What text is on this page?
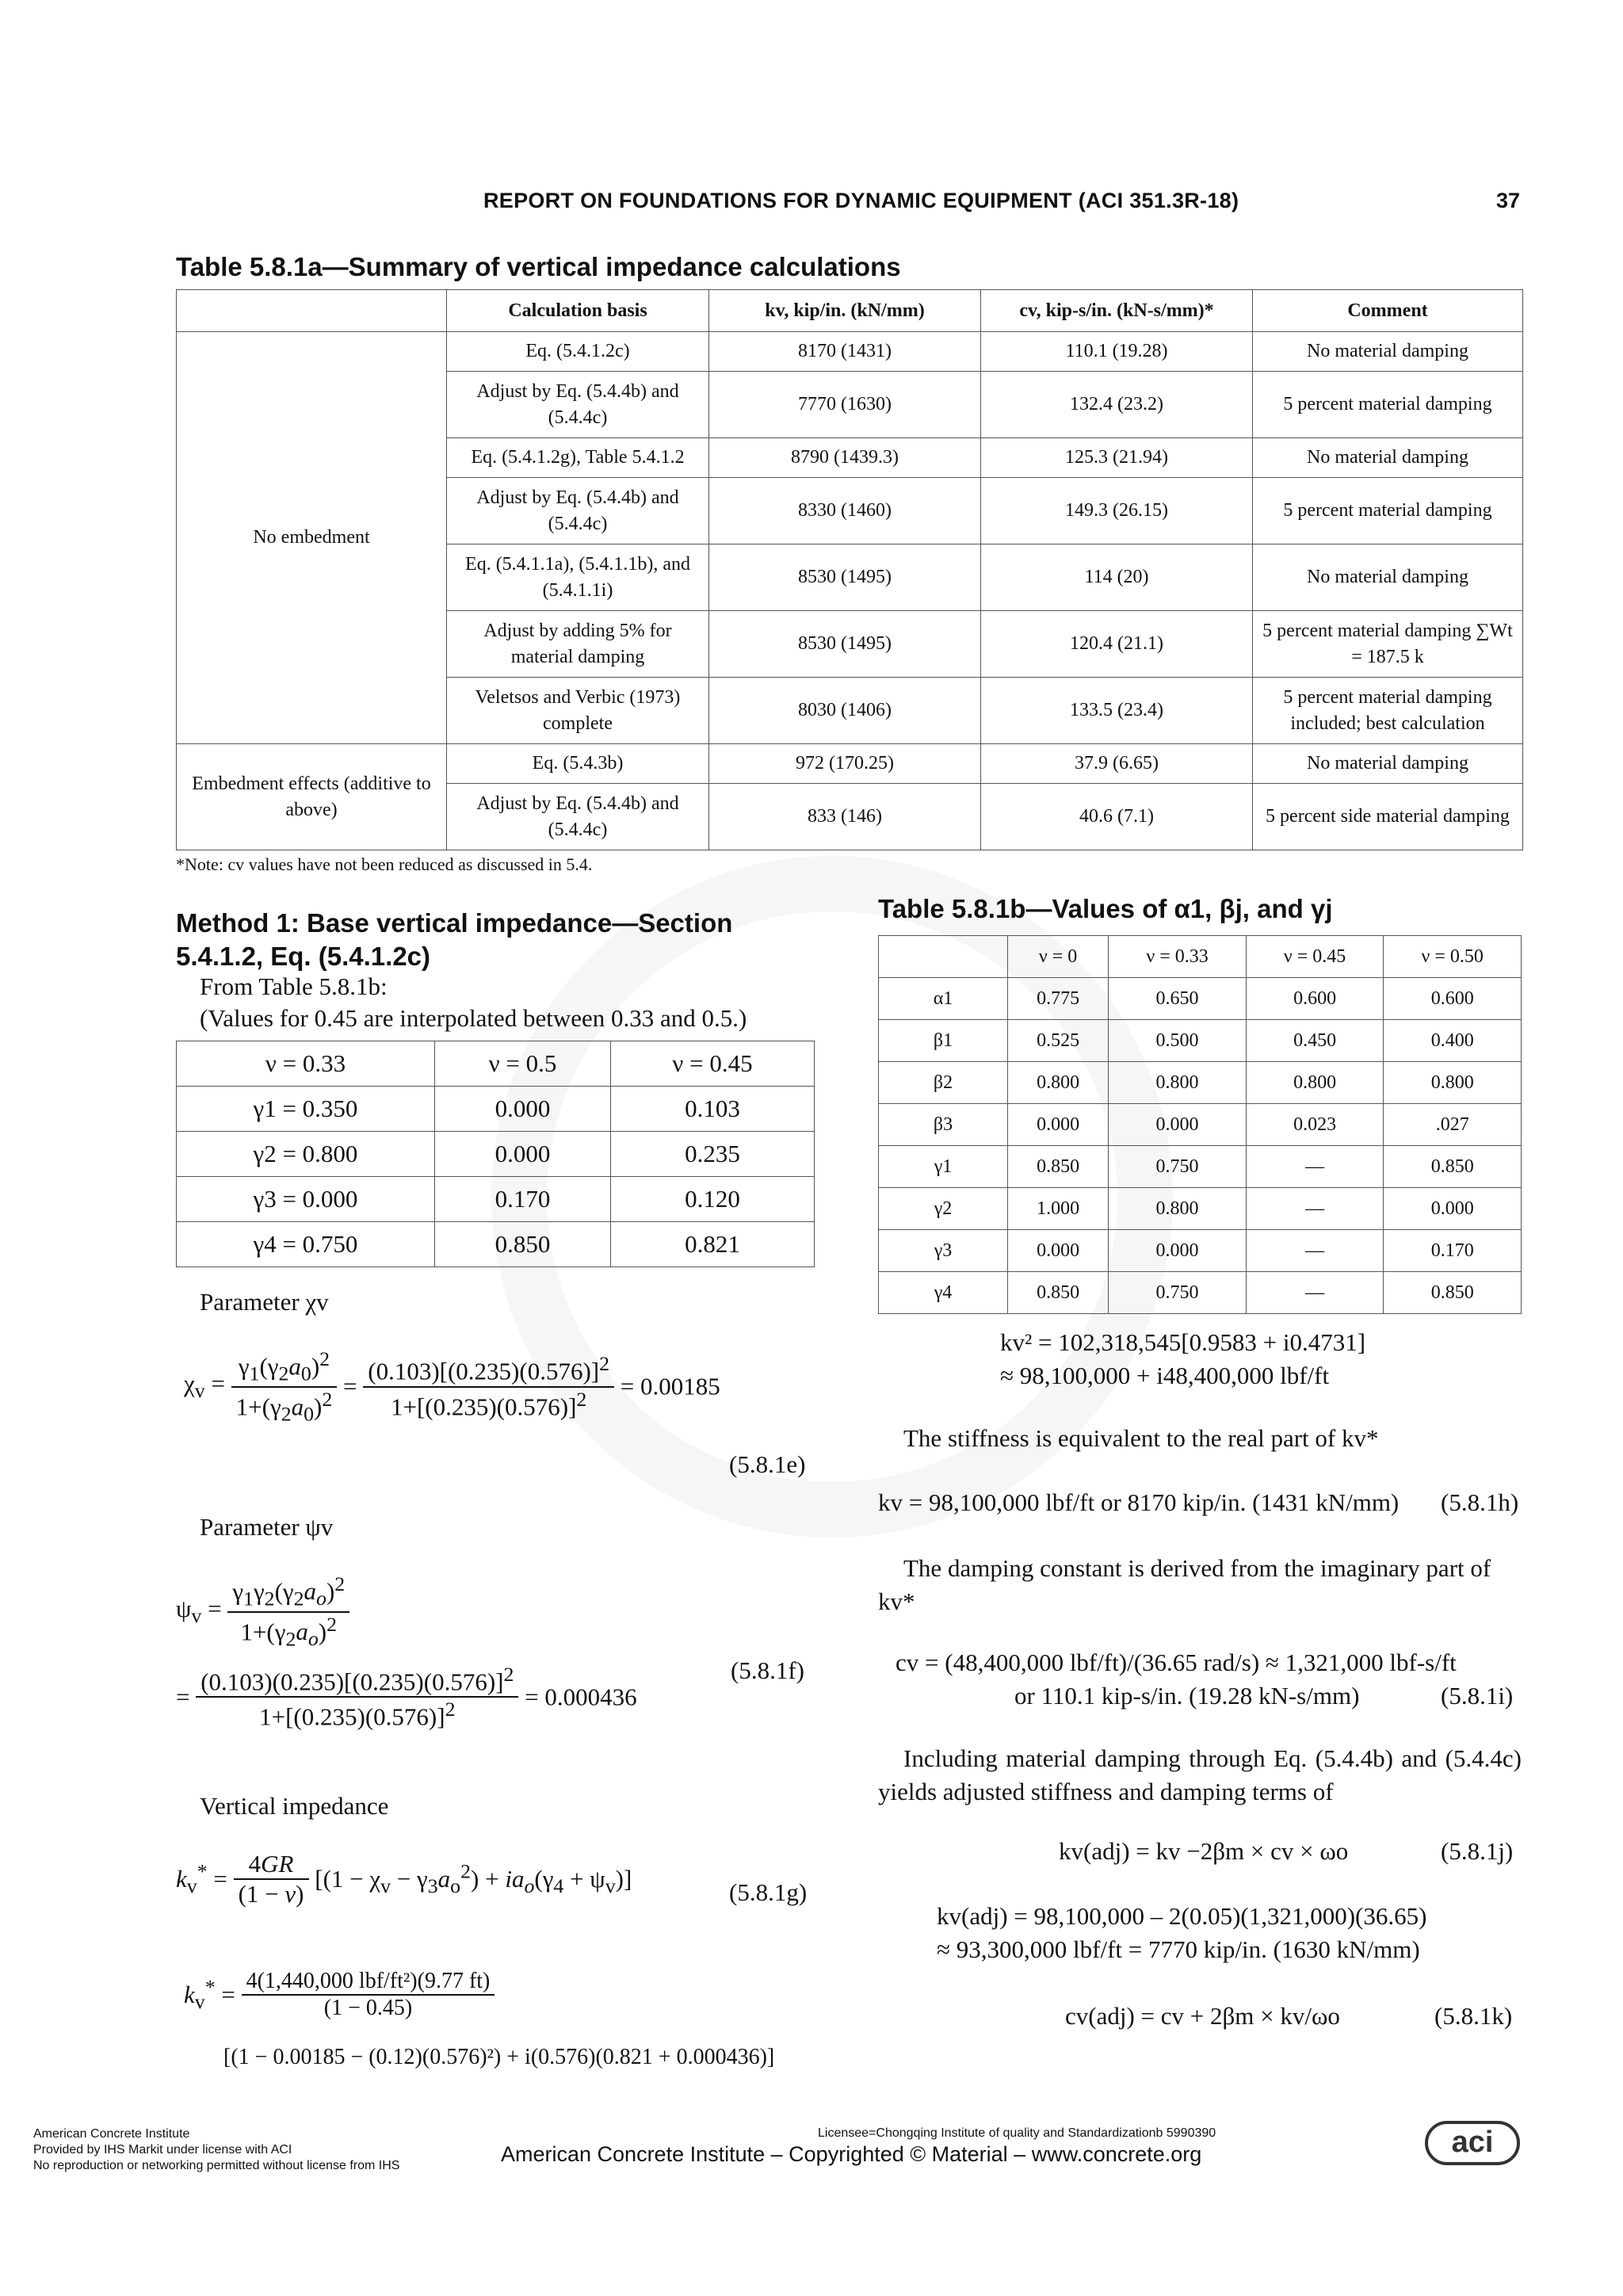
REPORT ON FOUNDATIONS FOR DYNAMIC EQUIPMENT (ACI 351.3R-18)	37
Table 5.8.1a—Summary of vertical impedance calculations
	Calculation basis	kv, kip/in. (kN/mm)	cv, kip-s/in. (kN-s/mm)*	Comment
No embedment	Eq. (5.4.1.2c)	8170 (1431)	110.1 (19.28)	No material damping
	Adjust by Eq. (5.4.4b) and (5.4.4c)	7770 (1630)	132.4 (23.2)	5 percent material damping
	Eq. (5.4.1.2g), Table 5.4.1.2	8790 (1439.3)	125.3 (21.94)	No material damping
	Adjust by Eq. (5.4.4b) and (5.4.4c)	8330 (1460)	149.3 (26.15)	5 percent material damping
	Eq. (5.4.1.1a), (5.4.1.1b), and (5.4.1.1i)	8530 (1495)	114 (20)	No material damping
	Adjust by adding 5% for material damping	8530 (1495)	120.4 (21.1)	5 percent material damping ∑Wt = 187.5 k
	Veletsos and Verbic (1973) complete	8030 (1406)	133.5 (23.4)	5 percent material damping included; best calculation
Embedment effects (additive to above)	Eq. (5.4.3b)	972 (170.25)	37.9 (6.65)	No material damping
	Adjust by Eq. (5.4.4b) and (5.4.4c)	833 (146)	40.6 (7.1)	5 percent side material damping
*Note: cv values have not been reduced as discussed in 5.4.
Method 1: Base vertical impedance—Section 5.4.1.2, Eq. (5.4.1.2c)
From Table 5.8.1b:
(Values for 0.45 are interpolated between 0.33 and 0.5.)
ν = 0.33	ν = 0.5	ν = 0.45
γ1 = 0.350	0.000	0.103
γ2 = 0.800	0.000	0.235
γ3 = 0.000	0.170	0.120
γ4 = 0.750	0.850	0.821
Parameter χv
$\chi_v = \frac{\gamma_1(\gamma_2a_0)^2}{1+(\gamma_2a_0)^2} = \frac{(0.103)[(0.235)(0.576)]^2}{1+[(0.235)(0.576)]^2} = 0.00185$
(5.8.1e)
Parameter ψv
$\psi_v = \frac{\gamma_1\gamma_2(\gamma_2a_o)^2}{1+(\gamma_2a_o)^2}$
= $\frac{(0.103)(0.235)[(0.235)(0.576)]^2}{1+[(0.235)(0.576)]^2} = 0.000436$
(5.8.1f)
Vertical impedance
$k_v^* = \frac{4GR}{(1 - v)} [(1 - \chi_v - \gamma_3a_o^2) + ia_o(\gamma_4 + \psi_v)]$	(5.8.1g)
$k_v^* = \frac{\text{4(1,440,000 lbf/ft²)(9.77 ft)}}{(1 - 0.45)}$
[(1 − 0.00185 − (0.12)(0.576)²) + i(0.576)(0.821 + 0.000436)]
Table 5.8.1b—Values of α1, βj, and γj
	ν = 0	ν = 0.33	ν = 0.45	ν = 0.50
α1	0.775	0.650	0.600	0.600
β1	0.525	0.500	0.450	0.400
β2	0.800	0.800	0.800	0.800
β3	0.000	0.000	0.023	.027
γ1	0.850	0.750	—	0.850
γ2	1.000	0.800	—	0.000
γ3	0.000	0.000	—	0.170
γ4	0.850	0.750	—	0.850
kv² = 102,318,545[0.9583 + i0.4731]
≈ 98,100,000 + i48,400,000 lbf/ft
The stiffness is equivalent to the real part of kv*
kv = 98,100,000 lbf/ft or 8170 kip/in. (1431 kN/mm) (5.8.1h)
The damping constant is derived from the imaginary part of kv*
cv = (48,400,000 lbf/ft)/(36.65 rad/s) ≈ 1,321,000 lbf-s/ft
or 110.1 kip-s/in. (19.28 kN-s/mm)	(5.8.1i)
Including material damping through Eq. (5.4.4b) and (5.4.4c) yields adjusted stiffness and damping terms of
kv(adj) = kv −2βm × cv × ωo	(5.8.1j)
kv(adj) = 98,100,000 – 2(0.05)(1,321,000)(36.65)
≈ 93,300,000 lbf/ft = 7770 kip/in. (1630 kN/mm)
cv(adj) = cv + 2βm × kv/ωo	(5.8.1k)
American Concrete Institute
Provided by IHS Markit under license with ACI
No reproduction or networking permitted without license from IHS
Licensee=Chongqing Institute of quality and Standardizationb 5990390
American Concrete Institute – Copyrighted © Material – www.concrete.org	aci
